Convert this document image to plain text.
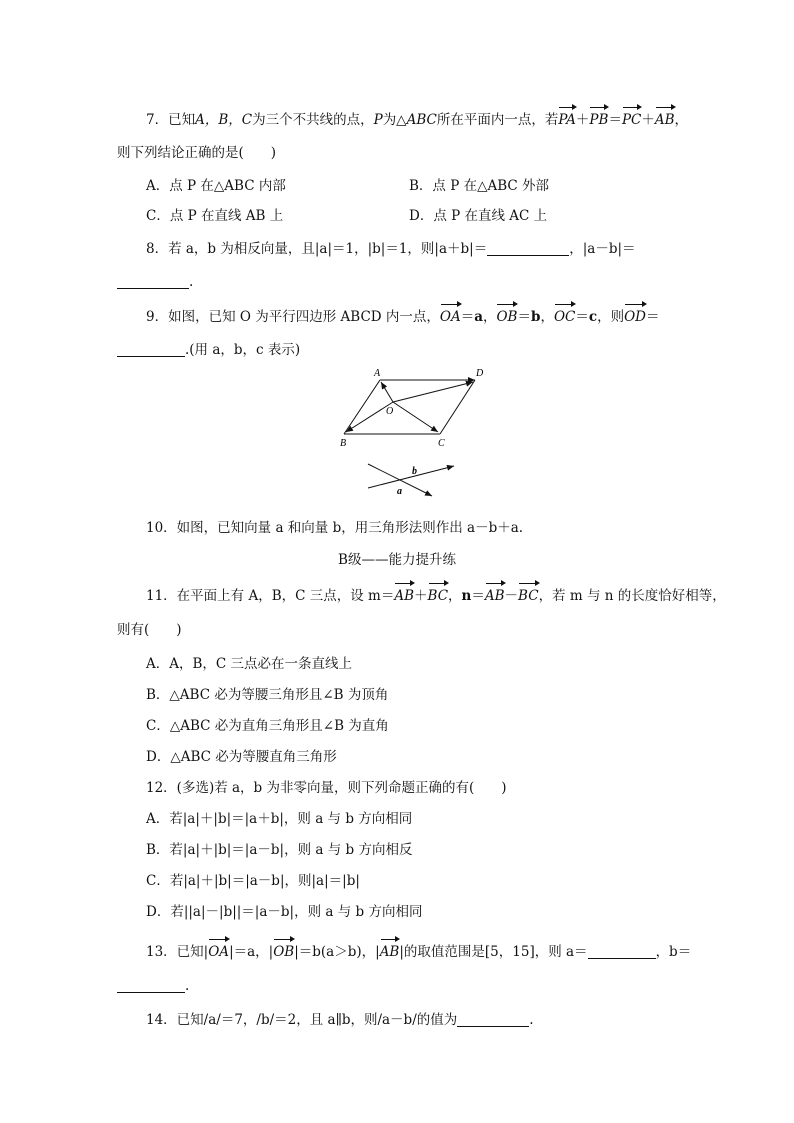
7．已知A，B，C为三个不共线的点，P为△ABC所在平面内一点，若PA＋PB＝PC＋AB，
则下列结论正确的是(　　)
A．点 P 在△ABC 内部	B．点 P 在△ABC 外部
C．点 P 在直线 AB 上	D．点 P 在直线 AC 上
8．若 a，b 为相反向量，且|a|＝1，|b|＝1，则|a＋b|＝	，|a－b|＝
.
9．如图，已知 O 为平行四边形 ABCD 内一点，OA＝a，OB＝b，OC＝c，则OD＝
.(用 a，b，c 表示)
A	D
O
B	C
b
a
10．如图，已知向量 a 和向量 b，用三角形法则作出 a－b＋a.
B级——能力提升练
11．在平面上有 A，B，C 三点，设 m＝AB＋BC，n＝AB－BC，若 m 与 n 的长度恰好相等，
则有(　　)
A．A，B，C 三点必在一条直线上
B．△ABC 必为等腰三角形且∠B 为顶角
C．△ABC 必为直角三角形且∠B 为直角
D．△ABC 必为等腰直角三角形
12．(多选)若 a，b 为非零向量，则下列命题正确的有(　　)
A．若|a|＋|b|＝|a＋b|，则 a 与 b 方向相同
B．若|a|＋|b|＝|a－b|，则 a 与 b 方向相反
C．若|a|＋|b|＝|a－b|，则|a|＝|b|
D．若||a|－|b||＝|a－b|，则 a 与 b 方向相同
13．已知|OA|＝a，|OB|＝b(a＞b)，|AB|的取值范围是[5，15]，则 a＝	，b＝
.
14．已知/a/＝7，/b/＝2，且 a∥b，则/a－b/的值为	.
